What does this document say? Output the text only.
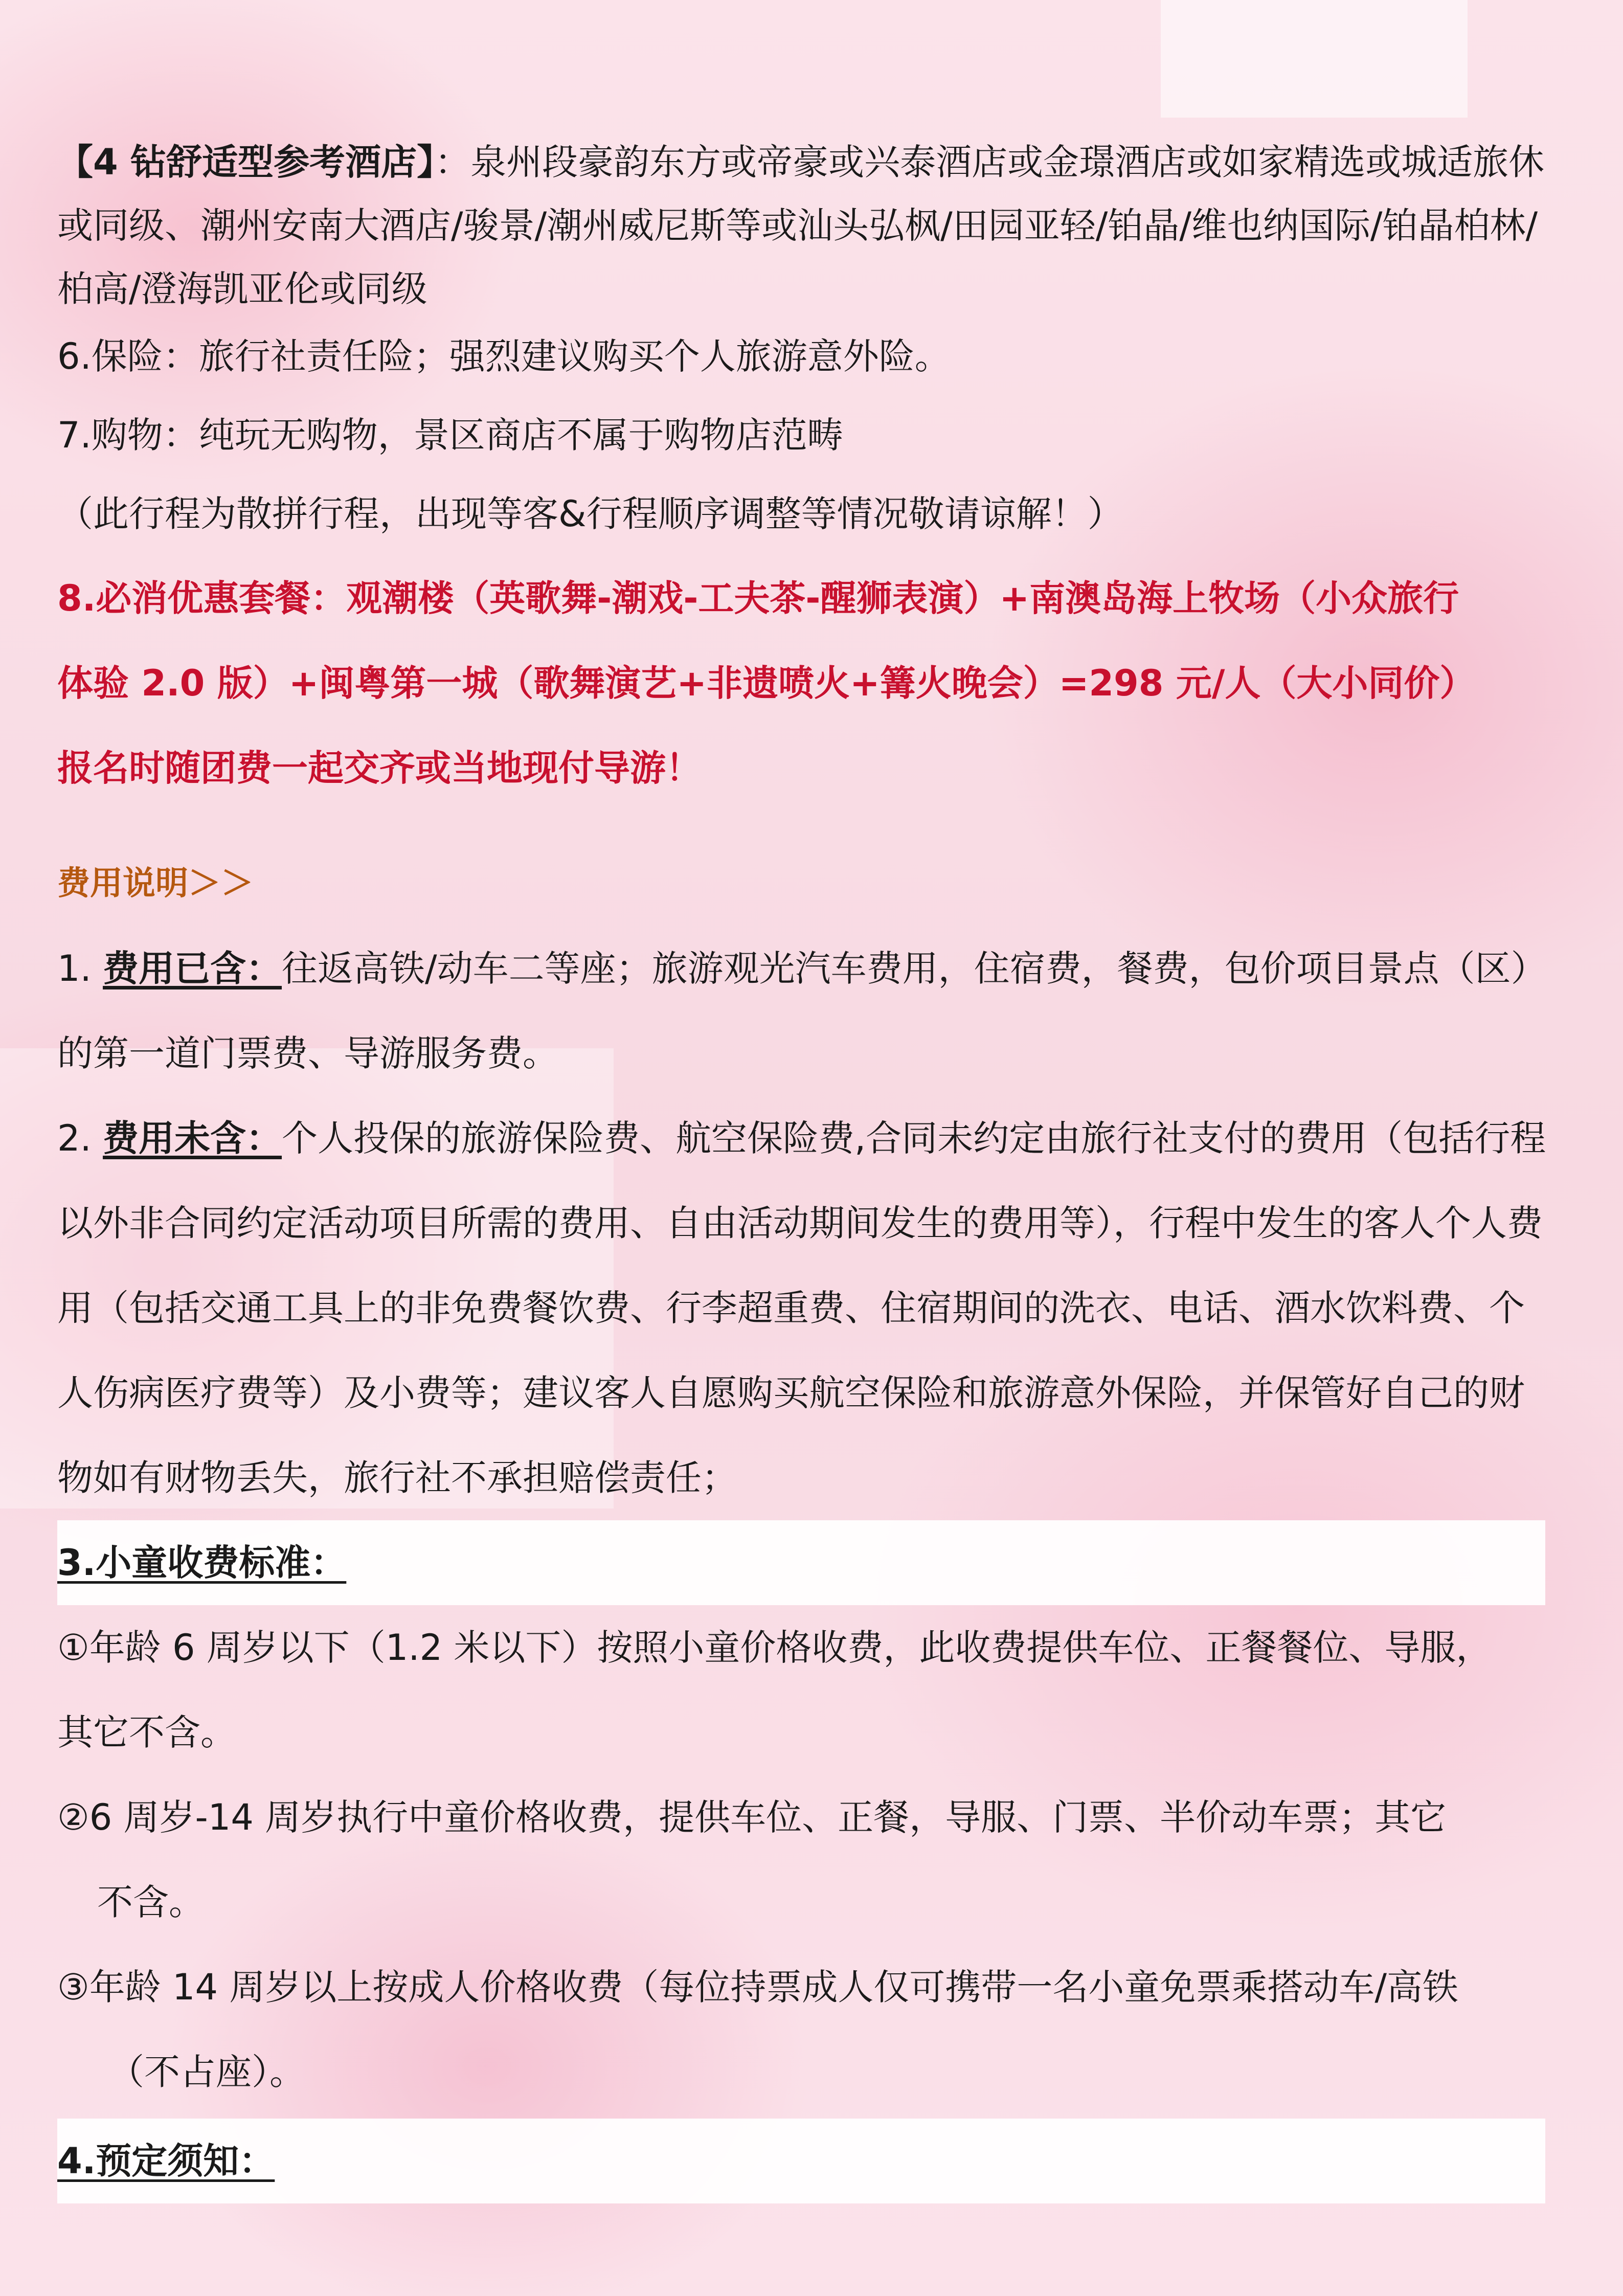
【4 钻舒适型参考酒店】：泉州段豪韵东方或帝豪或兴泰酒店或金璟酒店或如家精选或城适旅休或同级、潮州安南大酒店/骏景/潮州威尼斯等或汕头弘枫/田园亚轻/铂晶/维也纳国际/铂晶柏林/柏高/澄海凯亚伦或同级

6.保险：旅行社责任险；强烈建议购买个人旅游意外险。

7.购物：纯玩无购物，景区商店不属于购物店范畴

（此行程为散拼行程，出现等客&行程顺序调整等情况敬请谅解！）

8.必消优惠套餐：观潮楼（英歌舞-潮戏-工夫茶-醒狮表演）+南澳岛海上牧场（小众旅行

体验 2.0 版）+闽粤第一城（歌舞演艺+非遗喷火+篝火晚会）=298 元/人（大小同价）

报名时随团费一起交齐或当地现付导游！

费用说明＞＞

1. 费用已含：往返高铁/动车二等座；旅游观光汽车费用，住宿费，餐费，包价项目景点（区）的第一道门票费、导游服务费。

2. 费用未含：个人投保的旅游保险费、航空保险费,合同未约定由旅行社支付的费用（包括行程以外非合同约定活动项目所需的费用、自由活动期间发生的费用等），行程中发生的客人个人费用（包括交通工具上的非免费餐饮费、行李超重费、住宿期间的洗衣、电话、酒水饮料费、个人伤病医疗费等）及小费等；建议客人自愿购买航空保险和旅游意外保险，并保管好自己的财物如有财物丢失，旅行社不承担赔偿责任；

3.小童收费标准：

①年龄 6 周岁以下（1.2 米以下）按照小童价格收费，此收费提供车位、正餐餐位、导服，

其它不含。

②6 周岁-14 周岁执行中童价格收费，提供车位、正餐，导服、门票、半价动车票；其它

不含。

③年龄 14 周岁以上按成人价格收费（每位持票成人仅可携带一名小童免票乘搭动车/高铁

（不占座）。

4.预定须知：
